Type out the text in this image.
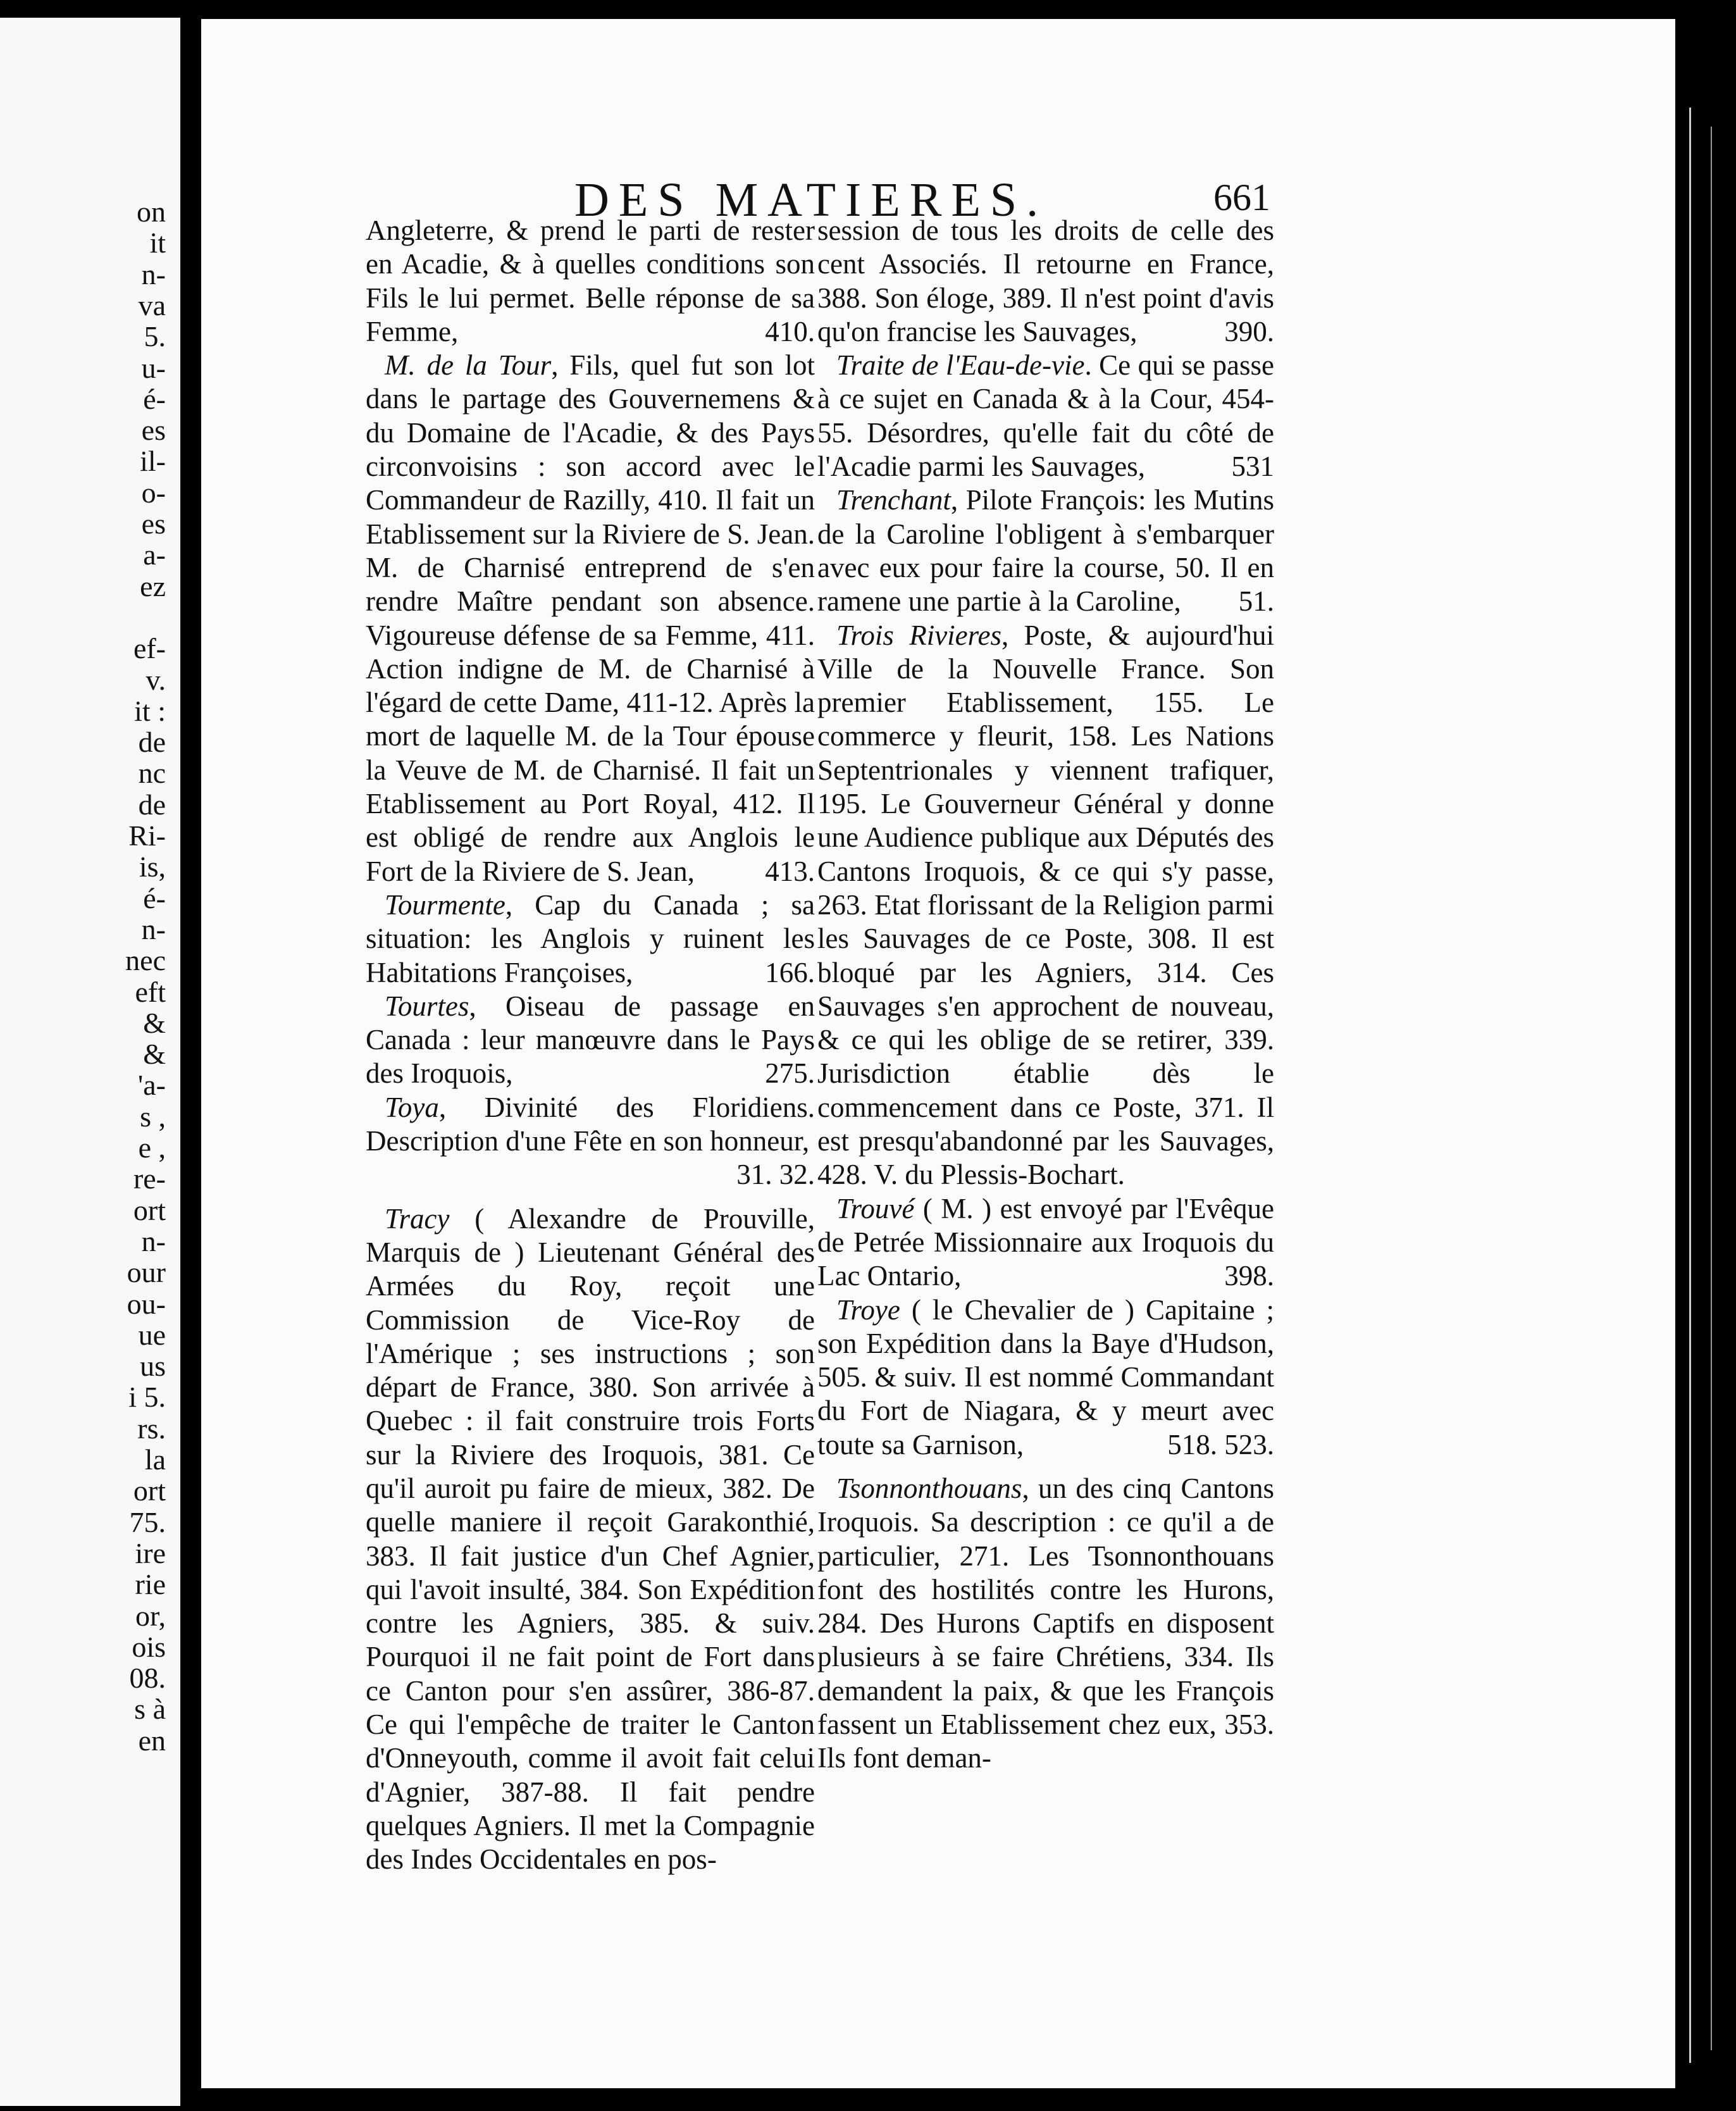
on
it
n-
va
5.
u-
é-
es
il-
o-
es
a-
ez
ef-
v.
it :
de
nc
de
Ri-
is,
é-
n-
nec
eft
&
&
'a-
s ,
e ,
re-
ort
n-
our
ou-
ue
us
i 5.
rs.
la
ort
75.
ire
rie
or,
ois
08.
s à
en
DES MATIERES.	661

Angleterre, & prend le parti de rester en Acadie, & à quelles conditions son Fils le lui permet. Belle réponse de sa Femme,	410.

M. de la Tour, Fils, quel fut son lot dans le partage des Gouvernemens & du Domaine de l'Acadie, & des Pays circonvoisins : son accord avec le Commandeur de Razilly, 410. Il fait un Etablissement sur la Riviere de S. Jean. M. de Charnisé entreprend de s'en rendre Maître pendant son absence. Vigoureuse défense de sa Femme, 411. Action indigne de M. de Charnisé à l'égard de cette Dame, 411-12. Après la mort de laquelle M. de la Tour épouse la Veuve de M. de Charnisé. Il fait un Etablissement au Port Royal, 412. Il est obligé de rendre aux Anglois le Fort de la Riviere de S. Jean,	413.

Tourmente, Cap du Canada ; sa situation: les Anglois y ruinent les Habitations Françoises,	166.

Tourtes, Oiseau de passage en Canada : leur manœuvre dans le Pays des Iroquois,	275.

Toya, Divinité des Floridiens. Description d'une Fête en son honneur,
31. 32.

Tracy ( Alexandre de Prouville, Marquis de ) Lieutenant Général des Armées du Roy, reçoit une Commission de Vice-Roy de l'Amérique ; ses instructions ; son départ de France, 380. Son arrivée à Quebec : il fait construire trois Forts sur la Riviere des Iroquois, 381. Ce qu'il auroit pu faire de mieux, 382. De quelle maniere il reçoit Garakonthié, 383. Il fait justice d'un Chef Agnier, qui l'avoit insulté, 384. Son Expédition contre les Agniers, 385. & suiv. Pourquoi il ne fait point de Fort dans ce Canton pour s'en assûrer, 386-87. Ce qui l'empêche de traiter le Canton d'Onneyouth, comme il avoit fait celui d'Agnier, 387-88. Il fait pendre quelques Agniers. Il met la Compagnie des Indes Occidentales en pos-

session de tous les droits de celle des cent Associés. Il retourne en France, 388. Son éloge, 389. Il n'est point d'avis qu'on francise les Sauvages,	390.

Traite de l'Eau-de-vie. Ce qui se passe à ce sujet en Canada & à la Cour, 454-55. Désordres, qu'elle fait du côté de l'Acadie parmi les Sauvages,	531

Trenchant, Pilote François: les Mutins de la Caroline l'obligent à s'embarquer avec eux pour faire la course, 50. Il en ramene une partie à la Caroline,	51.

Trois Rivieres, Poste, & aujourd'hui Ville de la Nouvelle France. Son premier Etablissement, 155. Le commerce y fleurit, 158. Les Nations Septentrionales y viennent trafiquer, 195. Le Gouverneur Général y donne une Audience publique aux Députés des Cantons Iroquois, & ce qui s'y passe, 263. Etat florissant de la Religion parmi les Sauvages de ce Poste, 308. Il est bloqué par les Agniers, 314. Ces Sauvages s'en approchent de nouveau, & ce qui les oblige de se retirer, 339. Jurisdiction établie dès le commencement dans ce Poste, 371. Il est presqu'abandonné par les Sauvages, 428. V. du Plessis-Bochart.

Trouvé ( M. ) est envoyé par l'Evêque de Petrée Missionnaire aux Iroquois du Lac Ontario,	398.

Troye ( le Chevalier de ) Capitaine ; son Expédition dans la Baye d'Hudson, 505. & suiv. Il est nommé Commandant du Fort de Niagara, & y meurt avec toute sa Garnison,	518. 523.

Tsonnonthouans, un des cinq Cantons Iroquois. Sa description : ce qu'il a de particulier, 271. Les Tsonnonthouans font des hostilités contre les Hurons, 284. Des Hurons Captifs en disposent plusieurs à se faire Chrétiens, 334. Ils demandent la paix, & que les François fassent un Etablissement chez eux, 353. Ils font deman-
